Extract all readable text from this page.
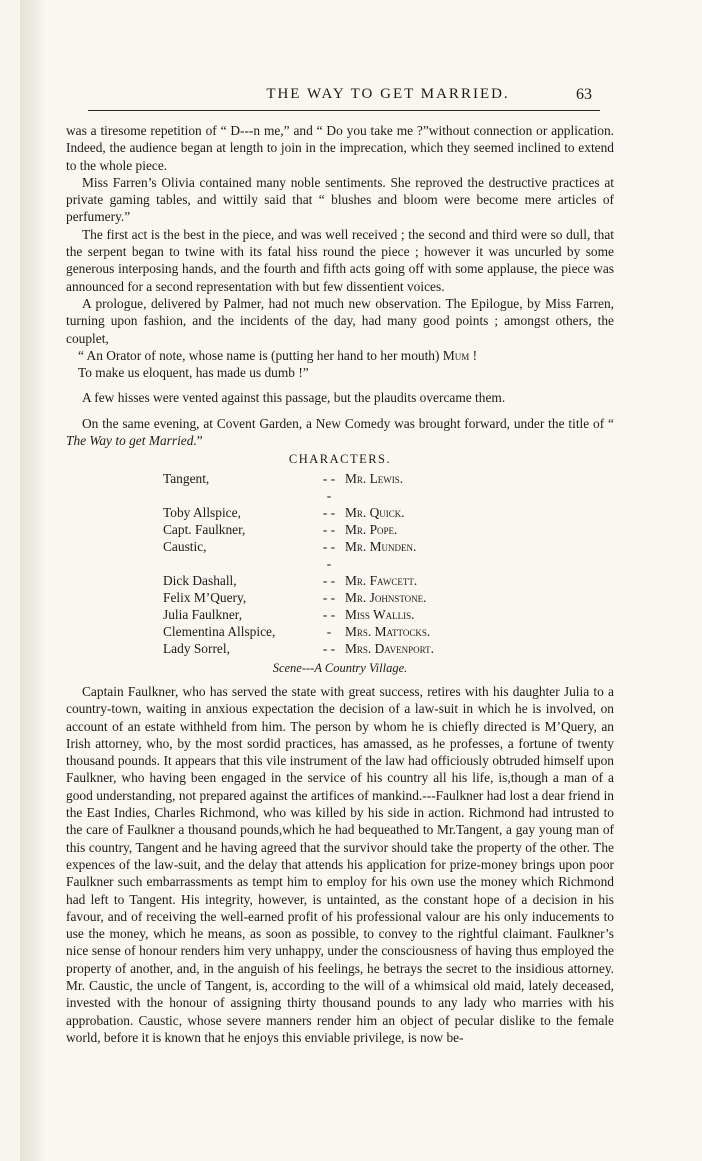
THE WAY TO GET MARRIED.	63

was a tiresome repetition of “ D---n me,” and “ Do you take me ?”without connection or application. Indeed, the audience began at length to join in the imprecation, which they seemed inclined to extend to the whole piece.

Miss Farren’s Olivia contained many noble sentiments. She reproved the destructive practices at private gaming tables, and wittily said that “ blushes and bloom were become mere articles of perfumery.”

The first act is the best in the piece, and was well received ; the second and third were so dull, that the serpent began to twine with its fatal hiss round the piece ; however it was uncurled by some generous interposing hands, and the fourth and fifth acts going off with some applause, the piece was announced for a second representation with but few dissentient voices.

A prologue, delivered by Palmer, had not much new observation. The Epilogue, by Miss Farren, turning upon fashion, and the incidents of the day, had many good points ; amongst others, the couplet,

“ An Orator of note, whose name is (putting her hand to her mouth) Mum !

To make us eloquent, has made us dumb !”

A few hisses were vented against this passage, but the plaudits overcame them.

On the same evening, at Covent Garden, a New Comedy was brought forward, under the title of “ The Way to get Married.”

CHARACTERS.
Tangent,	- - -	Mr. Lewis.
Toby Allspice,	- -	Mr. Quick.
Capt. Faulkner,	- -	Mr. Pope.
Caustic,	- - -	Mr. Munden.
Dick Dashall,	- -	Mr. Fawcett.
Felix M’Query,	- -	Mr. Johnstone.
Julia Faulkner,	- -	Miss Wallis.
Clementina Allspice,	-	Mrs. Mattocks.
Lady Sorrel,	- -	Mrs. Davenport.
Scene---A Country Village.

Captain Faulkner, who has served the state with great success, retires with his daughter Julia to a country-town, waiting in anxious expectation the decision of a law-suit in which he is involved, on account of an estate withheld from him. The person by whom he is chiefly directed is M’Query, an Irish attorney, who, by the most sordid practices, has amassed, as he professes, a fortune of twenty thousand pounds. It appears that this vile instrument of the law had officiously obtruded himself upon Faulkner, who having been engaged in the service of his country all his life, is,though a man of a good understanding, not prepared against the artifices of mankind.---Faulkner had lost a dear friend in the East Indies, Charles Richmond, who was killed by his side in action. Richmond had intrusted to the care of Faulkner a thousand pounds,which he had bequeathed to Mr.Tangent, a gay young man of this country, Tangent and he having agreed that the survivor should take the property of the other. The expences of the law-suit, and the delay that attends his application for prize-money brings upon poor Faulkner such embarrassments as tempt him to employ for his own use the money which Richmond had left to Tangent. His integrity, however, is untainted, as the constant hope of a decision in his favour, and of receiving the well-earned profit of his professional valour are his only inducements to use the money, which he means, as soon as possible, to convey to the rightful claimant. Faulkner’s nice sense of honour renders him very unhappy, under the consciousness of having thus employed the property of another, and, in the anguish of his feelings, he betrays the secret to the insidious attorney. Mr. Caustic, the uncle of Tangent, is, according to the will of a whimsical old maid, lately deceased, invested with the honour of assigning thirty thousand pounds to any lady who marries with his approbation. Caustic, whose severe manners render him an object of pecular dislike to the female world, before it is known that he enjoys this enviable privilege, is now be-
